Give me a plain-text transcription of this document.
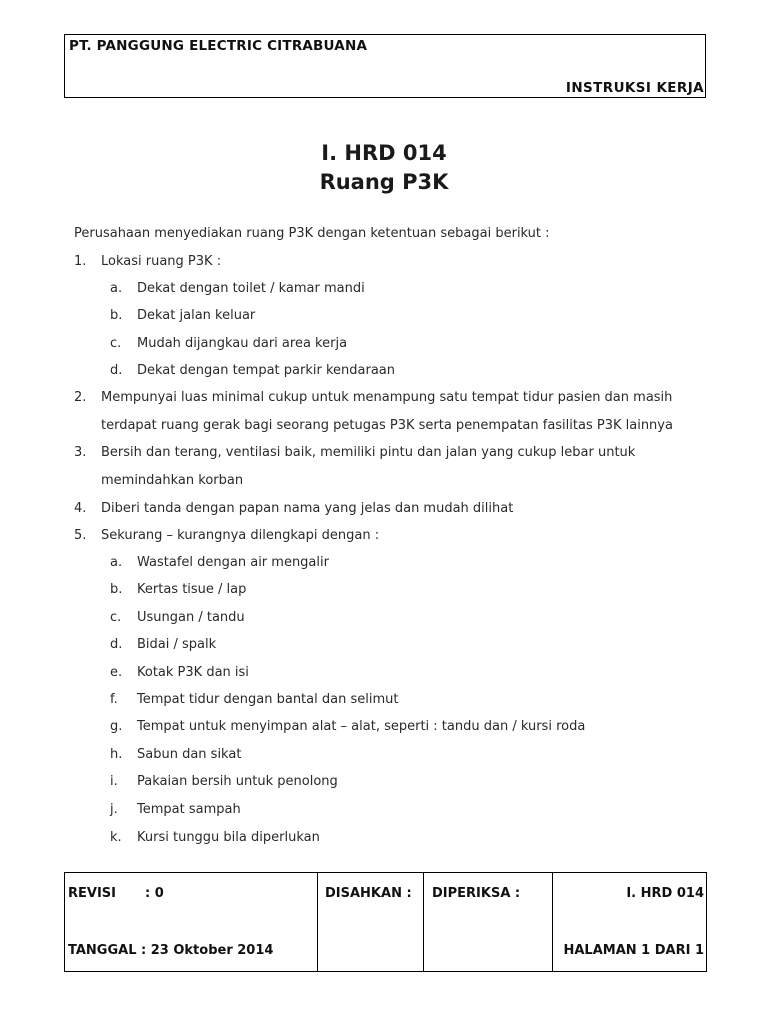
PT. PANGGUNG ELECTRIC CITRABUANA
INSTRUKSI KERJA
I. HRD 014
Ruang P3K
Perusahaan menyediakan ruang P3K dengan ketentuan sebagai berikut :
1. Lokasi ruang P3K :
a. Dekat dengan toilet / kamar mandi
b. Dekat jalan keluar
c. Mudah dijangkau dari area kerja
d. Dekat dengan tempat parkir kendaraan
2. Mempunyai luas minimal cukup untuk menampung satu tempat tidur pasien dan masih
terdapat ruang gerak bagi seorang petugas P3K serta penempatan fasilitas P3K lainnya
3. Bersih dan terang, ventilasi baik, memiliki pintu dan jalan yang cukup lebar untuk
memindahkan korban
4. Diberi tanda dengan papan nama yang jelas dan mudah dilihat
5. Sekurang – kurangnya dilengkapi dengan :
a. Wastafel dengan air mengalir
b. Kertas tisue / lap
c. Usungan / tandu
d. Bidai / spalk
e. Kotak P3K dan isi
f. Tempat tidur dengan bantal dan selimut
g. Tempat untuk menyimpan alat – alat, seperti : tandu dan / kursi roda
h. Sabun dan sikat
i. Pakaian bersih untuk penolong
j. Tempat sampah
k. Kursi tunggu bila diperlukan
REVISI : 0
TANGGAL : 23 Oktober 2014
DISAHKAN : DIPERIKSA :	I. HRD 014
HALAMAN 1 DARI 1
